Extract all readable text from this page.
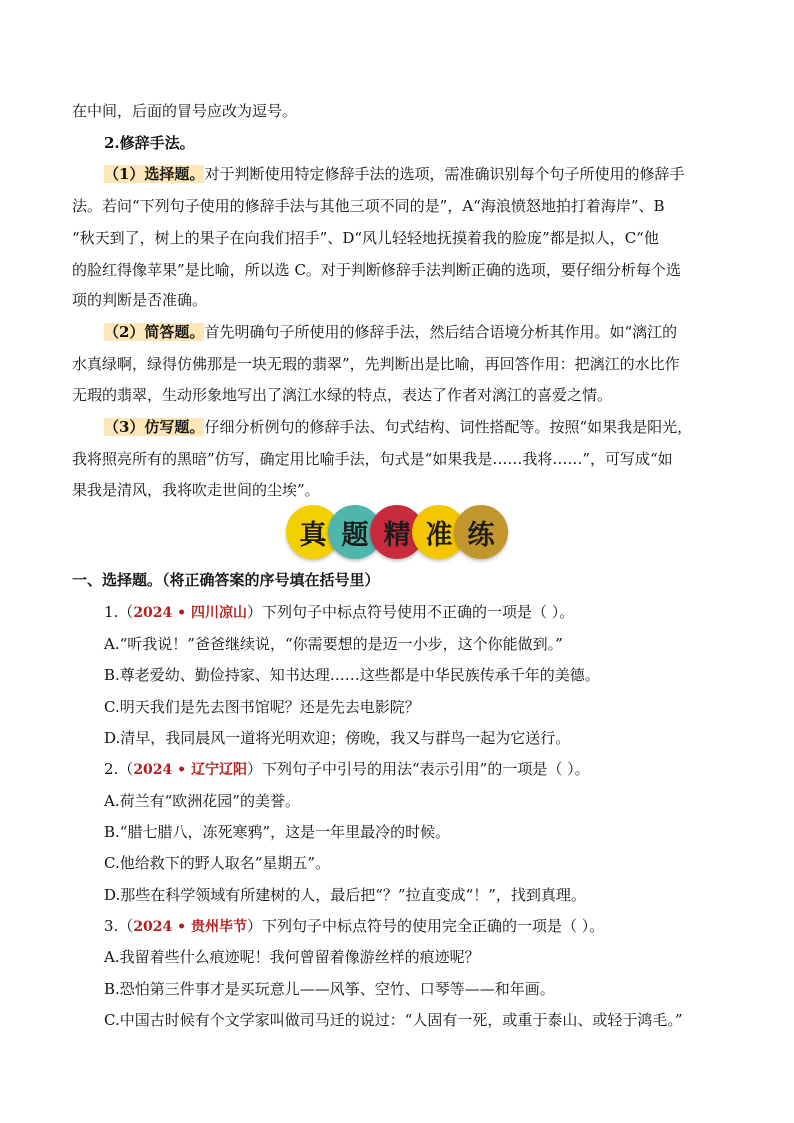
在中间，后面的冒号应改为逗号。
2.修辞手法。
（1）选择题。对于判断使用特定修辞手法的选项，需准确识别每个句子所使用的修辞手
法。若问“下列句子使用的修辞手法与其他三项不同的是”，A“海浪愤怒地拍打着海岸”、B
“秋天到了，树上的果子在向我们招手”、D“风儿轻轻地抚摸着我的脸庞”都是拟人，C“他
的脸红得像苹果”是比喻，所以选 C。对于判断修辞手法判断正确的选项，要仔细分析每个选
项的判断是否准确。
（2）简答题。首先明确句子所使用的修辞手法，然后结合语境分析其作用。如“漓江的
水真绿啊，绿得仿佛那是一块无瑕的翡翠”，先判断出是比喻，再回答作用：把漓江的水比作
无瑕的翡翠，生动形象地写出了漓江水绿的特点，表达了作者对漓江的喜爱之情。
（3）仿写题。仔细分析例句的修辞手法、句式结构、词性搭配等。按照“如果我是阳光，
我将照亮所有的黑暗”仿写，确定用比喻手法，句式是“如果我是……我将……”，可写成“如
果我是清风，我将吹走世间的尘埃”。
真 题 精 准 练
一、选择题。（将正确答案的序号填在括号里）
1.（2024 • 四川凉山）下列句子中标点符号使用不正确的一项是（ ）。
A.“听我说！”爸爸继续说，“你需要想的是迈一小步，这个你能做到。”
B.尊老爱幼、勤俭持家、知书达理……这些都是中华民族传承千年的美德。
C.明天我们是先去图书馆呢？还是先去电影院？
D.清早，我同晨风一道将光明欢迎；傍晚，我又与群鸟一起为它送行。
2.（2024 • 辽宁辽阳）下列句子中引号的用法“表示引用”的一项是（ ）。
A.荷兰有“欧洲花园”的美誉。
B.“腊七腊八，冻死寒鸦”，这是一年里最冷的时候。
C.他给救下的野人取名“星期五”。
D.那些在科学领域有所建树的人，最后把“？”拉直变成“！”，找到真理。
3.（2024 • 贵州毕节）下列句子中标点符号的使用完全正确的一项是（ ）。
A.我留着些什么痕迹呢！我何曾留着像游丝样的痕迹呢？
B.恐怕第三件事才是买玩意儿——风筝、空竹、口琴等——和年画。
C.中国古时候有个文学家叫做司马迁的说过：“人固有一死，或重于泰山、或轻于鸿毛。”
